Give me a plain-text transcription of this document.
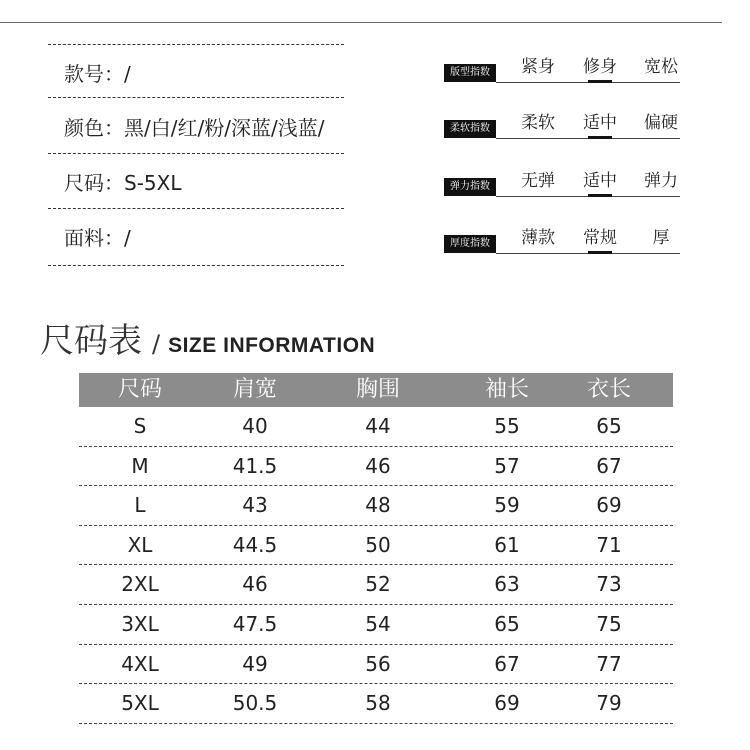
款号：/
颜色：黑/白/红/粉/深蓝/浅蓝/
尺码：S-5XL
面料：/
版型指数	紧身 修身 宽松
柔软指数	柔软 适中 偏硬
弹力指数	无弹 适中 弹力
厚度指数	薄款 常规 厚
尺码表 / SIZE INFORMATION
尺码	肩宽	胸围	袖长	衣长
S	40	44	55	65
M	41.5	46	57	67
L	43	48	59	69
XL	44.5	50	61	71
2XL	46	52	63	73
3XL	47.5	54	65	75
4XL	49	56	67	77
5XL	50.5	58	69	79
